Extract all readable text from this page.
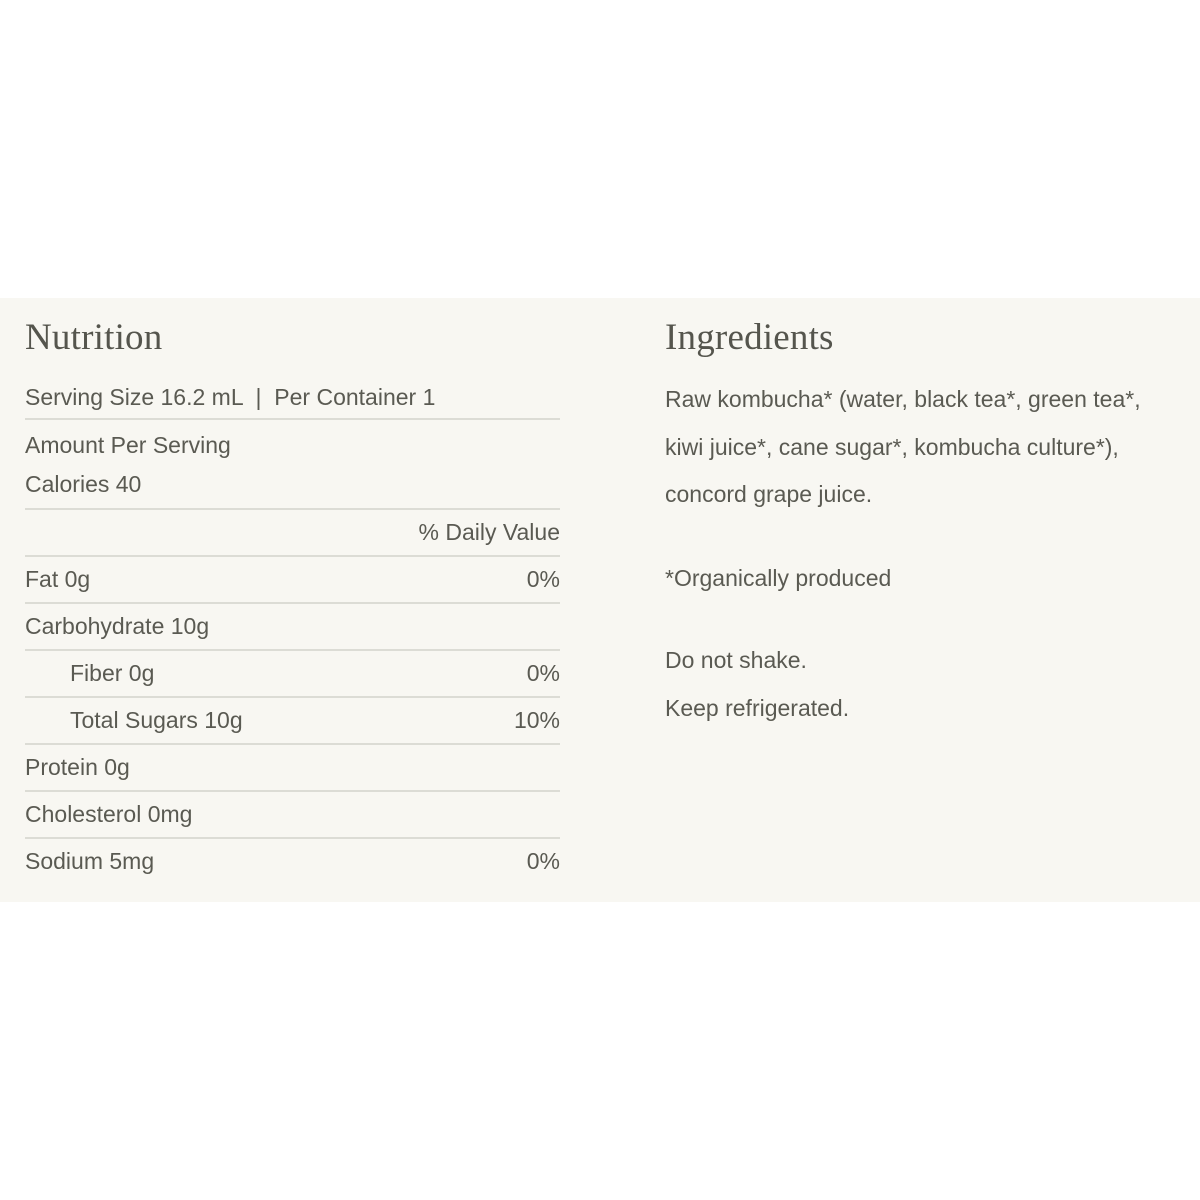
Nutrition
Serving Size 16.2 mL  |  Per Container 1
Amount Per Serving
Calories 40
% Daily Value
Fat 0g	0%
Carbohydrate 10g
Fiber 0g	0%
Total Sugars 10g	10%
Protein 0g
Cholesterol 0mg
Sodium 5mg	0%
Ingredients
Raw kombucha* (water, black tea*, green tea*,
kiwi juice*, cane sugar*, kombucha culture*),
concord grape juice.
*Organically produced
Do not shake.
Keep refrigerated.
